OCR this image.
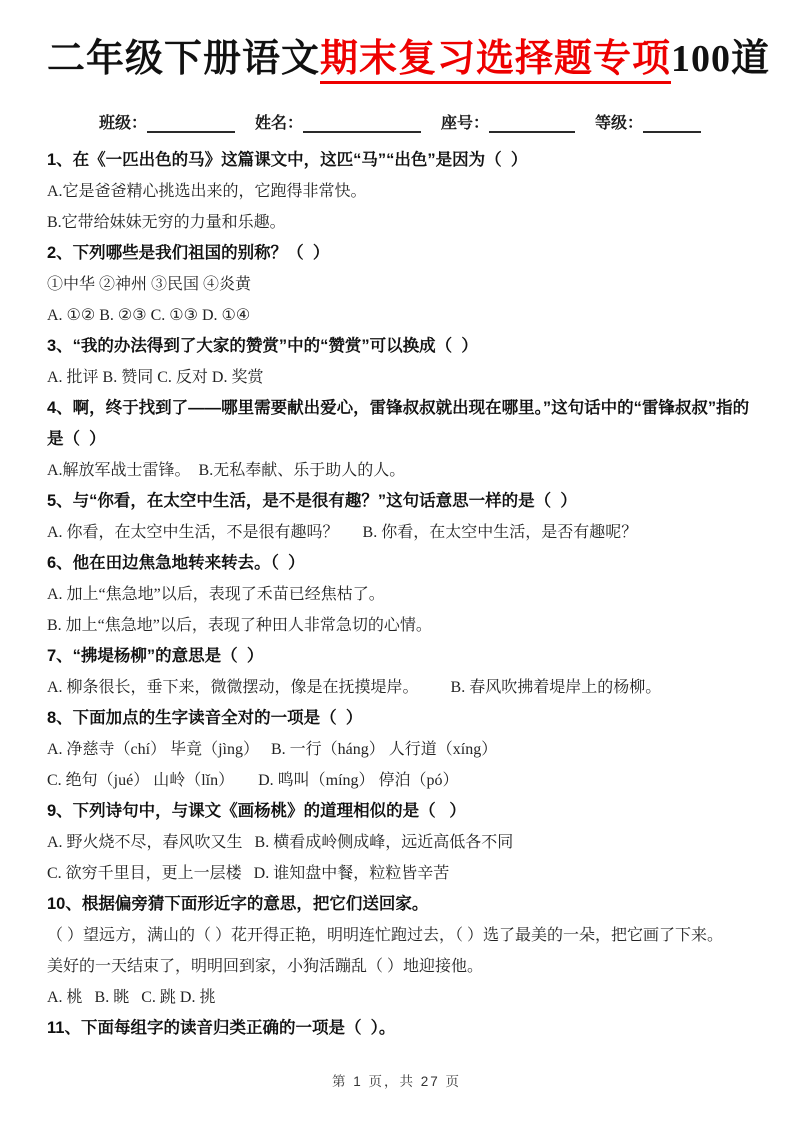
二年级下册语文期末复习选择题专项100道
班级：	姓名：	座号：	等级：

1、在《一匹出色的马》这篇课文中，这匹“马”“出色”是因为（  ）

A.它是爸爸精心挑选出来的，它跑得非常快。

B.它带给妹妹无穷的力量和乐趣。

2、下列哪些是我们祖国的别称？（  ）

①中华 ②神州 ③民国 ④炎黄

A. ①② B. ②③ C. ①③ D. ①④

3、“我的办法得到了大家的赞赏”中的“赞赏”可以换成（  ）

A. 批评 B. 赞同 C. 反对 D. 奖赏

4、啊，终于找到了——哪里需要献出爱心，雷锋叔叔就出现在哪里。”这句话中的“雷锋叔叔”指的是（  ）

A.解放军战士雷锋。  B.无私奉献、乐于助人的人。

5、与“你看，在太空中生活，是不是很有趣？”这句话意思一样的是（  ）

A. 你看，在太空中生活，不是很有趣吗？      B. 你看，在太空中生活，是否有趣呢？

6、他在田边焦急地转来转去。（  ）

A. 加上“焦急地”以后，表现了禾苗已经焦枯了。

B. 加上“焦急地”以后，表现了种田人非常急切的心情。

7、“拂堤杨柳”的意思是（  ）

A. 柳条很长，垂下来，微微摆动，像是在抚摸堤岸。        B. 春风吹拂着堤岸上的杨柳。

8、下面加点的生字读音全对的一项是（  ）

A. 净慈寺（chí） 毕竟（jìng）   B. 一行（háng） 人行道（xíng）

C. 绝句（jué） 山岭（lǐn）      D. 鸣叫（míng） 停泊（pó）

9、下列诗句中，与课文《画杨桃》的道理相似的是（   ）

A. 野火烧不尽，春风吹又生   B. 横看成岭侧成峰，远近高低各不同

C. 欲穷千里目，更上一层楼   D. 谁知盘中餐，粒粒皆辛苦

10、根据偏旁猜下面形近字的意思，把它们送回家。

（ ）望远方，满山的（ ）花开得正艳，明明连忙跑过去，（ ）选了最美的一朵，把它画了下来。

美好的一天结束了，明明回到家，小狗活蹦乱（ ）地迎接他。

A. 桃   B. 眺   C. 跳 D. 挑

11、下面每组字的读音归类正确的一项是（  ）。

第 1 页，共 27 页
